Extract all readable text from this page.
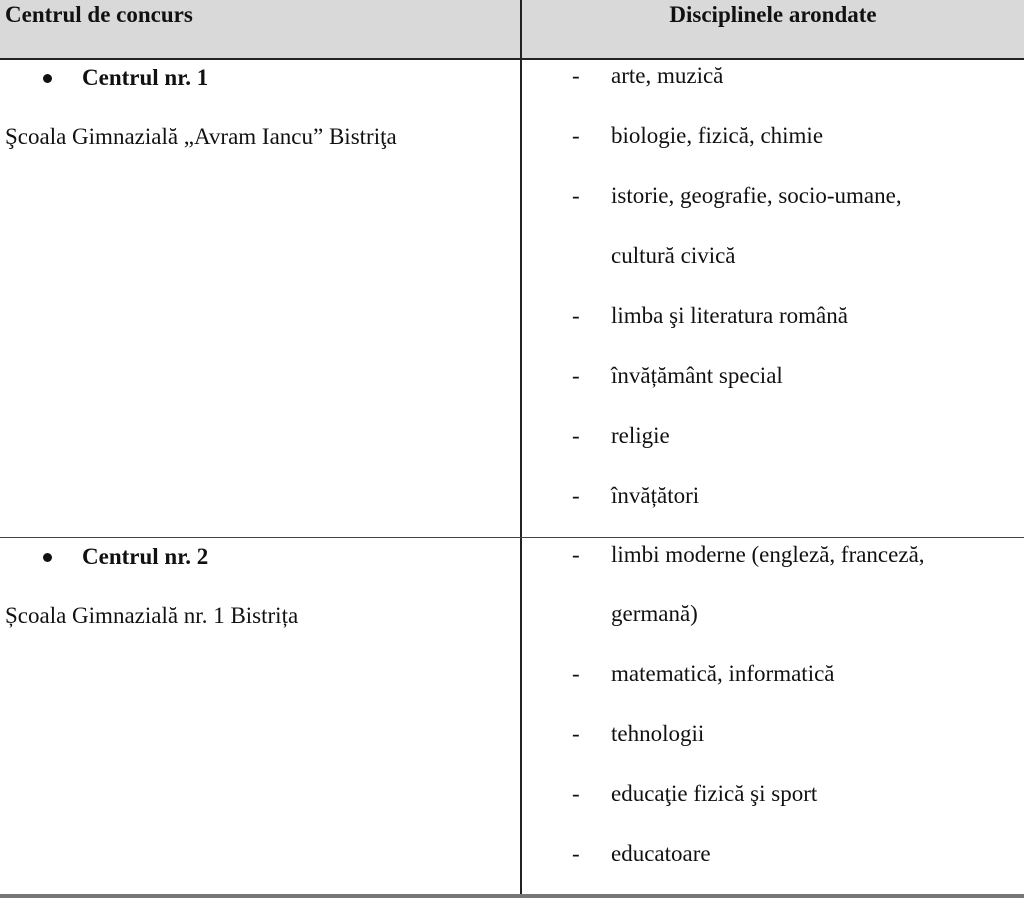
Centrul de concurs	Disciplinele arondate
Centrul nr. 1
Şcoala Gimnazială „Avram Iancu” Bistriţa
- arte, muzică
- biologie, fizică, chimie
- istorie, geografie, socio-umane,
cultură civică
- limba şi literatura română
- învățământ special
- religie
- învățători
Centrul nr. 2
Școala Gimnazială nr. 1 Bistrița
- limbi moderne (engleză, franceză,
germană)
- matematică, informatică
- tehnologii
- educaţie fizică şi sport
- educatoare
